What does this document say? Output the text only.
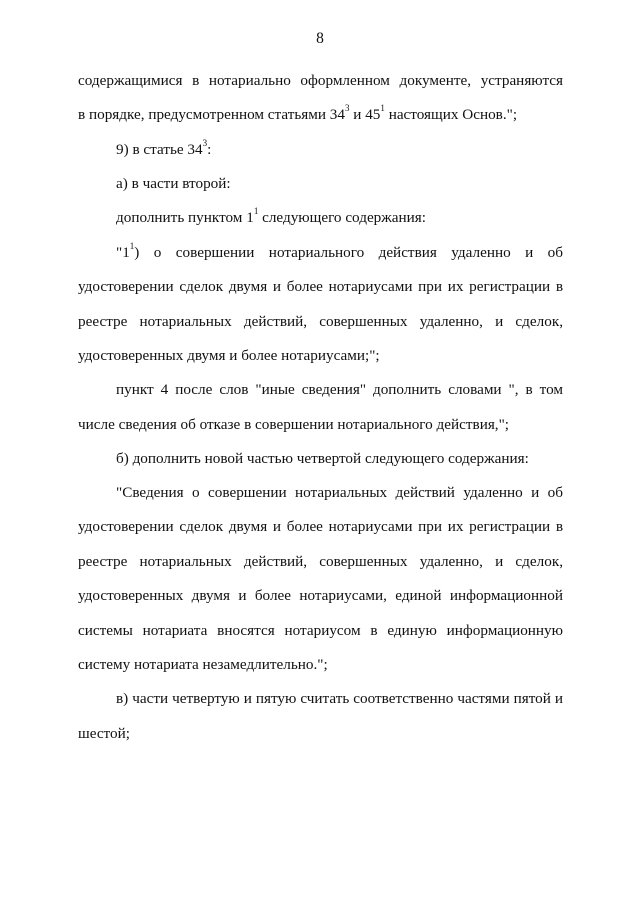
8
содержащимися в нотариально оформленном документе, устраняются
в порядке, предусмотренном статьями $34^3$ и $45^1$ настоящих Основ.";
9) в статье $34^3$:
а) в части второй:
дополнить пунктом $1^1$ следующего содержания:
"$1^1$) о совершении нотариального действия удаленно и об
удостоверении сделок двумя и более нотариусами при их регистрации в
реестре нотариальных действий, совершенных удаленно, и сделок,
удостоверенных двумя и более нотариусами;";
пункт 4 после слов "иные сведения" дополнить словами ", в том
числе сведения об отказе в совершении нотариального действия,";
б) дополнить новой частью четвертой следующего содержания:
"Сведения о совершении нотариальных действий удаленно и об
удостоверении сделок двумя и более нотариусами при их регистрации в
реестре нотариальных действий, совершенных удаленно, и сделок,
удостоверенных двумя и более нотариусами, единой информационной
системы нотариата вносятся нотариусом в единую информационную
систему нотариата незамедлительно.";
в) части четвертую и пятую считать соответственно частями пятой и
шестой;
